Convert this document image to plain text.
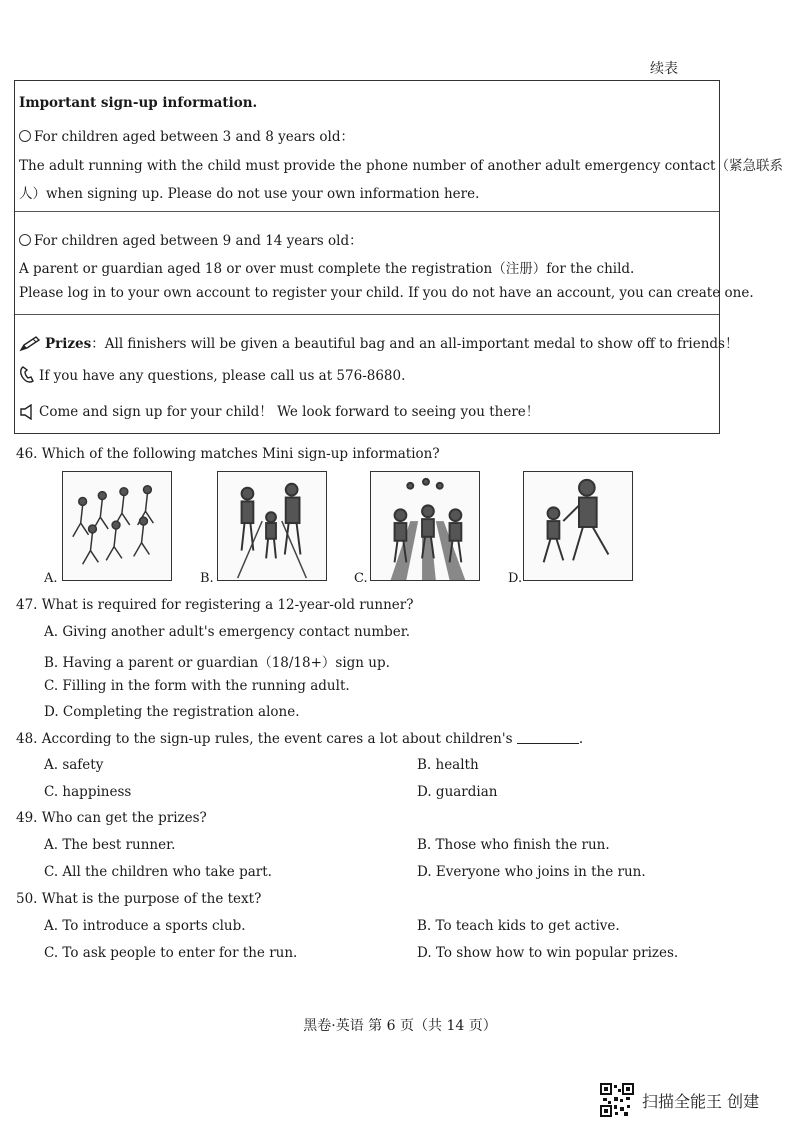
续表
Important sign-up information.
For children aged between 3 and 8 years old：
The adult running with the child must provide the phone number of another adult emergency contact（紧急联系
人）when signing up. Please do not use your own information here.
For children aged between 9 and 14 years old：
A parent or guardian aged 18 or over must complete the registration（注册）for the child.
Please log in to your own account to register your child. If you do not have an account, you can create one.
Prizes：All finishers will be given a beautiful bag and an all-important medal to show off to friends！
If you have any questions, please call us at 576-8680.
Come and sign up for your child！ We look forward to seeing you there！
46. Which of the following matches Mini sign-up information?
A.	B.	C.	D.
47. What is required for registering a 12-year-old runner?
A. Giving another adult's emergency contact number.
B. Having a parent or guardian（18/18+）sign up.
C. Filling in the form with the running adult.
D. Completing the registration alone.
48. According to the sign-up rules, the event cares a lot about children's	.
A. safety	B. health
C. happiness	D. guardian
49. Who can get the prizes?
A. The best runner.	B. Those who finish the run.
C. All the children who take part.	D. Everyone who joins in the run.
50. What is the purpose of the text?
A. To introduce a sports club.	B. To teach kids to get active.
C. To ask people to enter for the run.	D. To show how to win popular prizes.
黑卷·英语 第 6 页（共 14 页）
扫描全能王 创建
